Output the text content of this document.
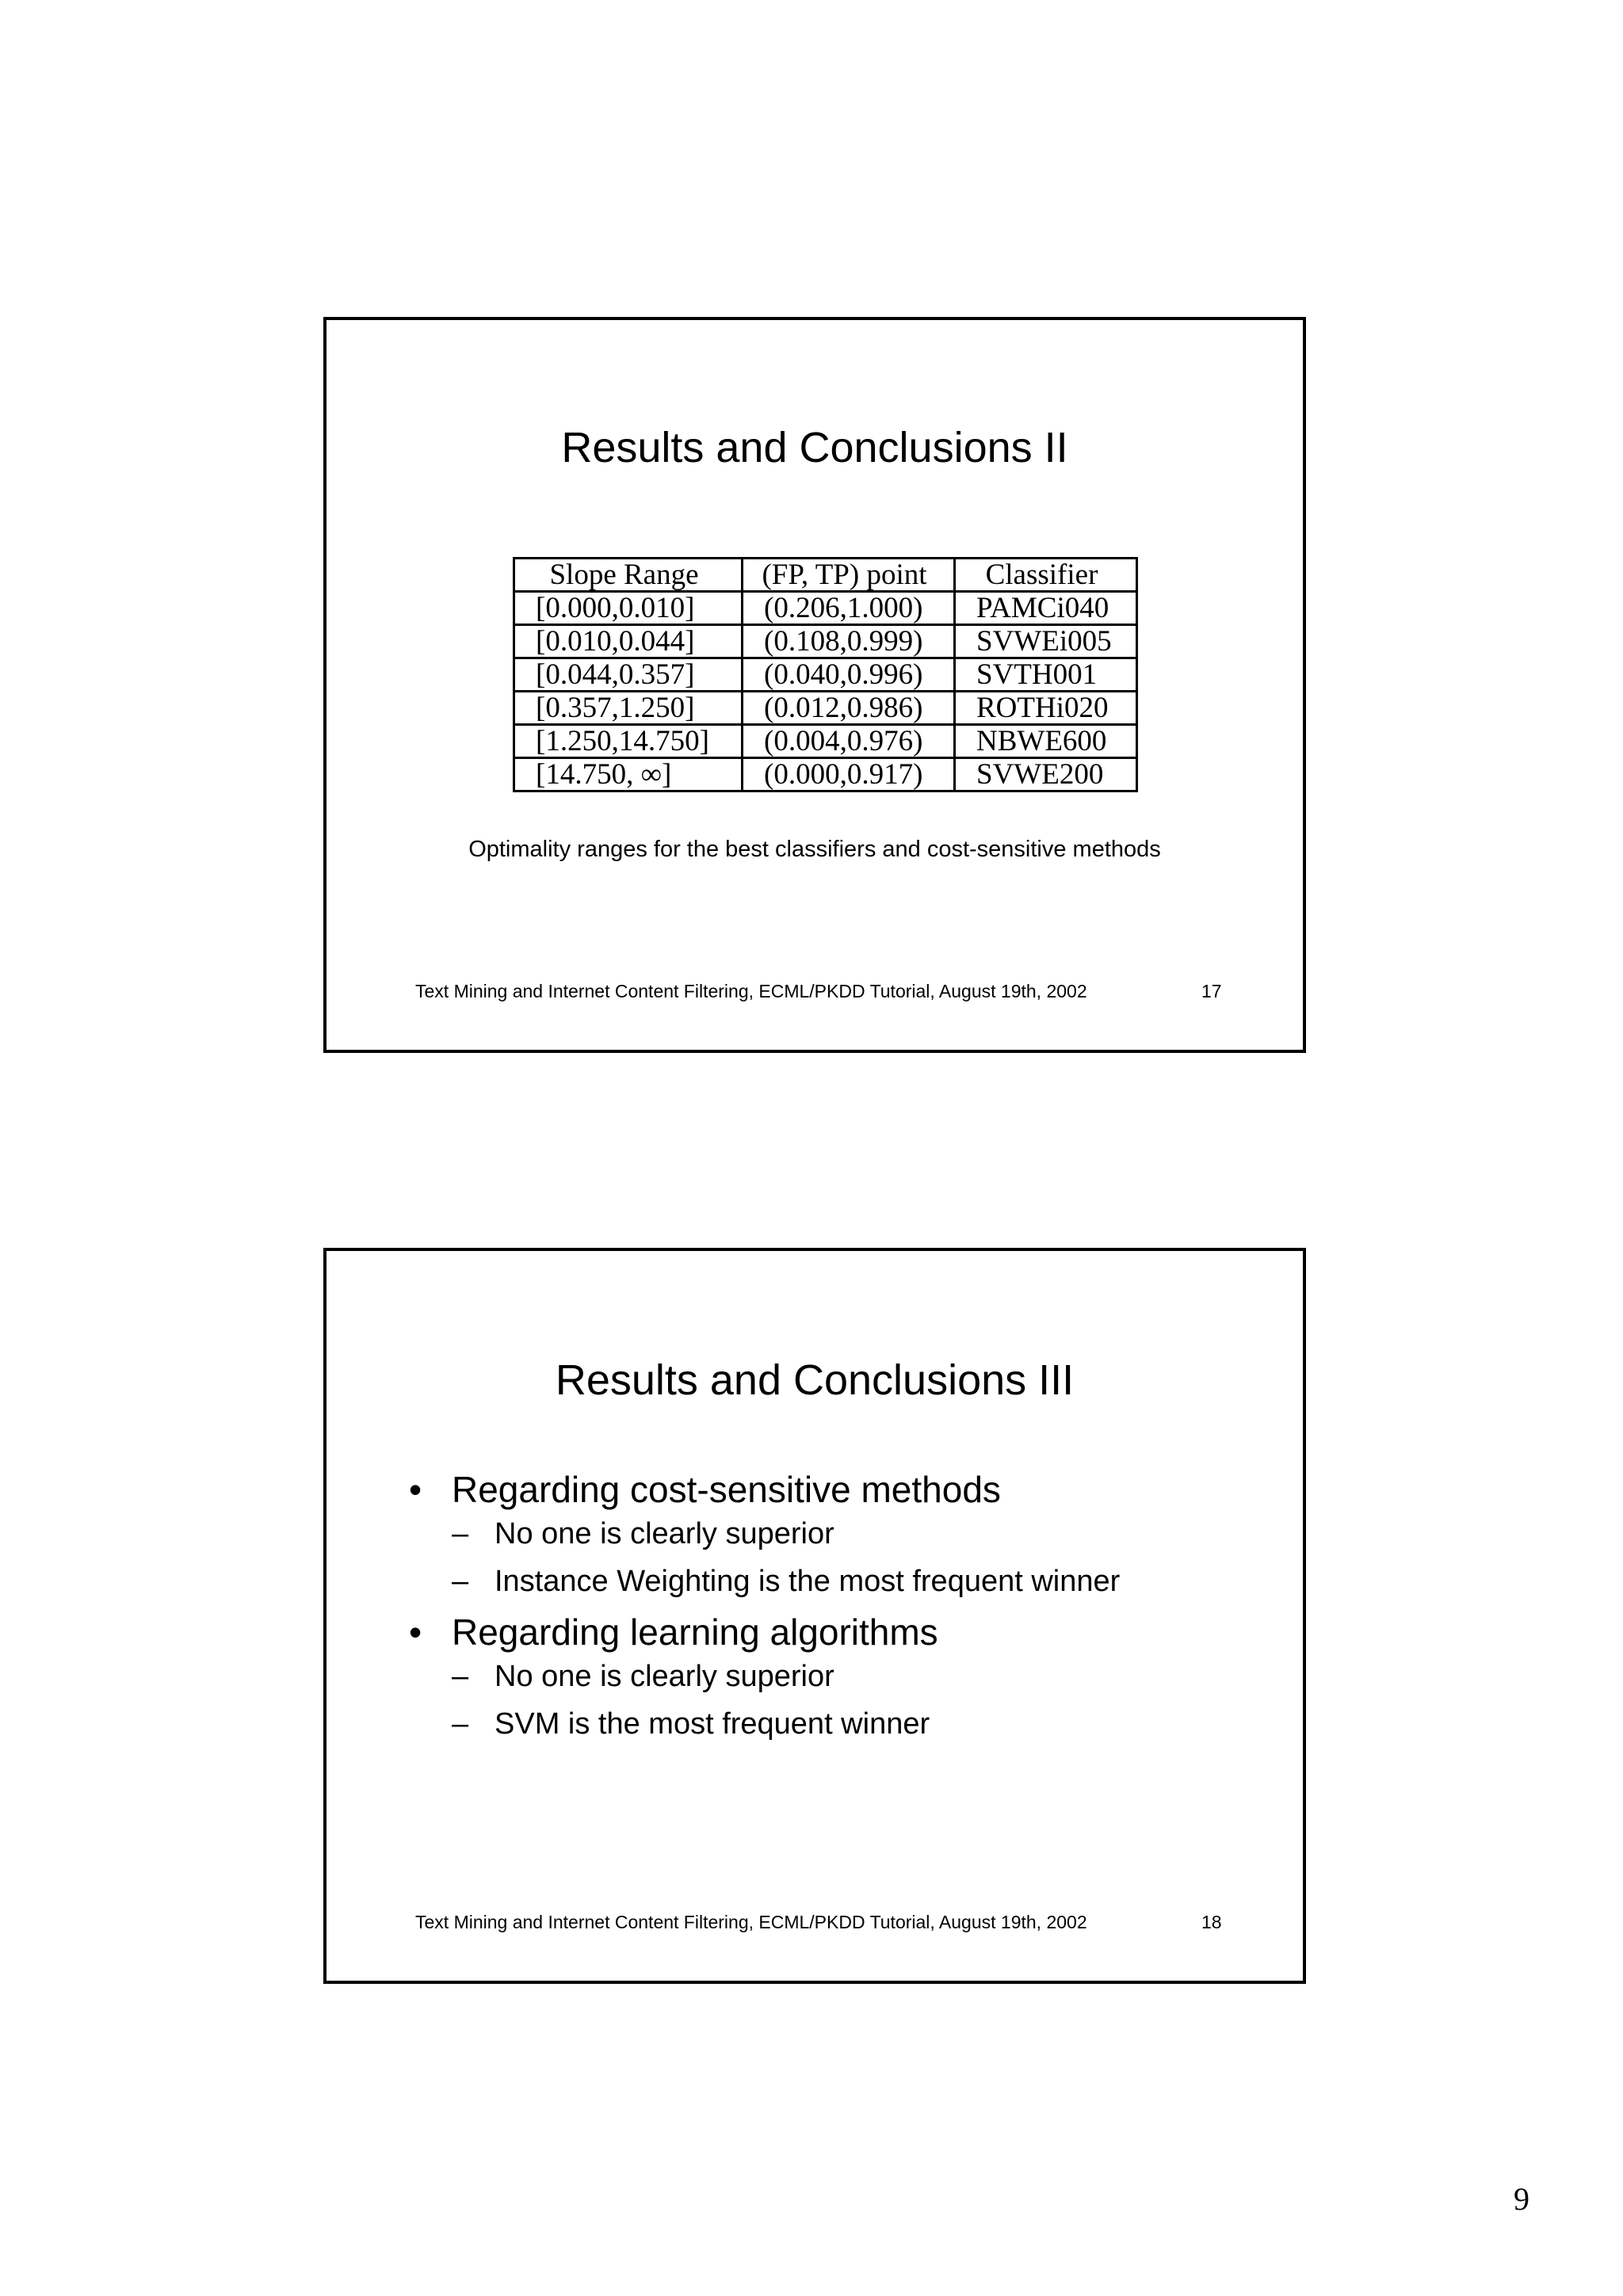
Results and Conclusions II
Slope Range	(FP, TP) point	Classifier
[0.000,0.010]	(0.206,1.000)	PAMCi040
[0.010,0.044]	(0.108,0.999)	SVWEi005
[0.044,0.357]	(0.040,0.996)	SVTH001
[0.357,1.250]	(0.012,0.986)	ROTHi020
[1.250,14.750]	(0.004,0.976)	NBWE600
[14.750, ∞]	(0.000,0.917)	SVWE200
Optimality ranges for the best classifiers and cost-sensitive methods
Text Mining and Internet Content Filtering, ECML/PKDD Tutorial, August 19th, 2002	17
Results and Conclusions III
• Regarding cost-sensitive methods
– No one is clearly superior
– Instance Weighting is the most frequent winner
• Regarding learning algorithms
– No one is clearly superior
– SVM is the most frequent winner
Text Mining and Internet Content Filtering, ECML/PKDD Tutorial, August 19th, 2002	18
9
